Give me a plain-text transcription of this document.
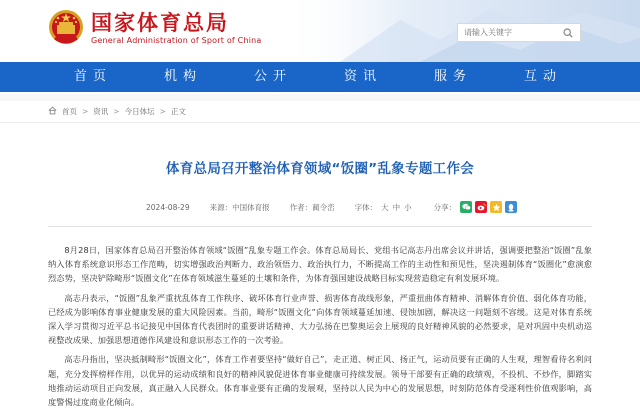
国家体育总局
General Administration of Sport of China
请输入关键字
首页	机构	公开	资讯	服务	互动
首页 > 资讯 > 今日体坛 > 正文
体育总局召开整治体育领域“饭圈”乱象专题工作会
2024-08-29	来源：中国体育报	作者：蔺令峦	字体： 大 中 小	分享：

8月28日，国家体育总局召开整治体育领域“饭圈”乱象专题工作会。体育总局局长、党组书记高志丹出席会议并讲话，强调要把整治“饭圈”乱象纳入体育系统意识形态工作范畴，切实增强政治判断力、政治领悟力、政治执行力，不断提高工作的主动性和预见性，坚决遏制体育“饭圈化”愈演愈烈态势，坚决铲除畸形“饭圈文化”在体育领域滋生蔓延的土壤和条件，为体育强国建设战略目标实现营造稳定有利发展环境。

高志丹表示，“饭圈”乱象严重扰乱体育工作秩序、破坏体育行业声誉、损害体育战线形象，严重扭曲体育精神、消解体育价值、弱化体育功能，已经成为影响体育事业健康发展的重大风险因素。当前，畸形“饭圈文化”向体育领域蔓延加速、侵蚀加剧，解决这一问题刻不容缓。这是对体育系统深入学习贯彻习近平总书记接见中国体育代表团时的重要讲话精神、大力弘扬在巴黎奥运会上展现的良好精神风貌的必然要求，是对巩固中央机动巡视整改成果、加强思想道德作风建设和意识形态工作的一次考验。

高志丹指出，坚决抵制畸形“饭圈文化”，体育工作者要坚持“做好自己”，走正道、树正风、扬正气，运动员要有正确的人生观，理智看待名利问题，充分发挥榜样作用，以优异的运动成绩和良好的精神风貌促进体育事业健康可持续发展。领导干部要有正确的政绩观，不投机、不炒作，脚踏实地推动运动项目正向发展，真正融入人民群众。体育事业要有正确的发展观，坚持以人民为中心的发展思想，时刻防范体育受逐利性价值观影响，高度警惕过度商业化倾向。
